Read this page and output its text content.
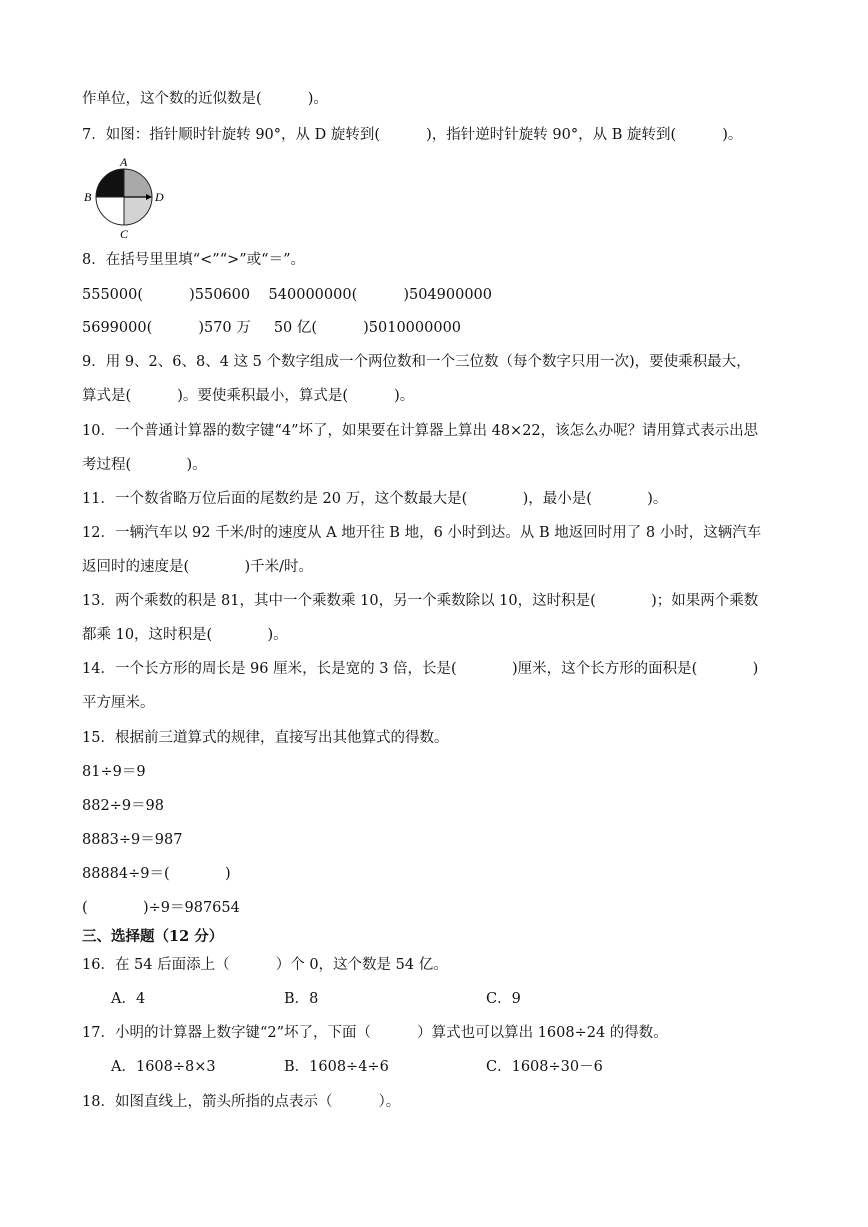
作单位，这个数的近似数是(          )。
7．如图：指针顺时针旋转 90°，从 D 旋转到(          )，指针逆时针旋转 90°，从 B 旋转到(          )。
A
B	D
C
8．在括号里里填“<”“>”或“＝”。
555000(          )550600    540000000(          )504900000
5699000(          )570 万     50 亿(          )5010000000
9．用 9、2、6、8、4 这 5 个数字组成一个两位数和一个三位数（每个数字只用一次)，要使乘积最大，
算式是(          )。要使乘积最小，算式是(          )。
10．一个普通计算器的数字键“4”坏了，如果要在计算器上算出 48×22，该怎么办呢？请用算式表示出思
考过程(            )。
11．一个数省略万位后面的尾数约是 20 万，这个数最大是(            )，最小是(            )。
12．一辆汽车以 92 千米/时的速度从 A 地开往 B 地，6 小时到达。从 B 地返回时用了 8 小时，这辆汽车
返回时的速度是(            )千米/时。
13．两个乘数的积是 81，其中一个乘数乘 10，另一个乘数除以 10，这时积是(            )；如果两个乘数
都乘 10，这时积是(            )。
14．一个长方形的周长是 96 厘米，长是宽的 3 倍，长是(            )厘米，这个长方形的面积是(            )
平方厘米。
15．根据前三道算式的规律，直接写出其他算式的得数。
81÷9＝9
882÷9＝98
8883÷9＝987
88884÷9＝(            )
(            )÷9＝987654
三、选择题（12 分）
16．在 54 后面添上（          ）个 0，这个数是 54 亿。
A．4	B．8	C．9
17．小明的计算器上数字键“2”坏了，下面（          ）算式也可以算出 1608÷24 的得数。
A．1608÷8×3	B．1608÷4÷6	C．1608÷30－6
18．如图直线上，箭头所指的点表示（          ）。
